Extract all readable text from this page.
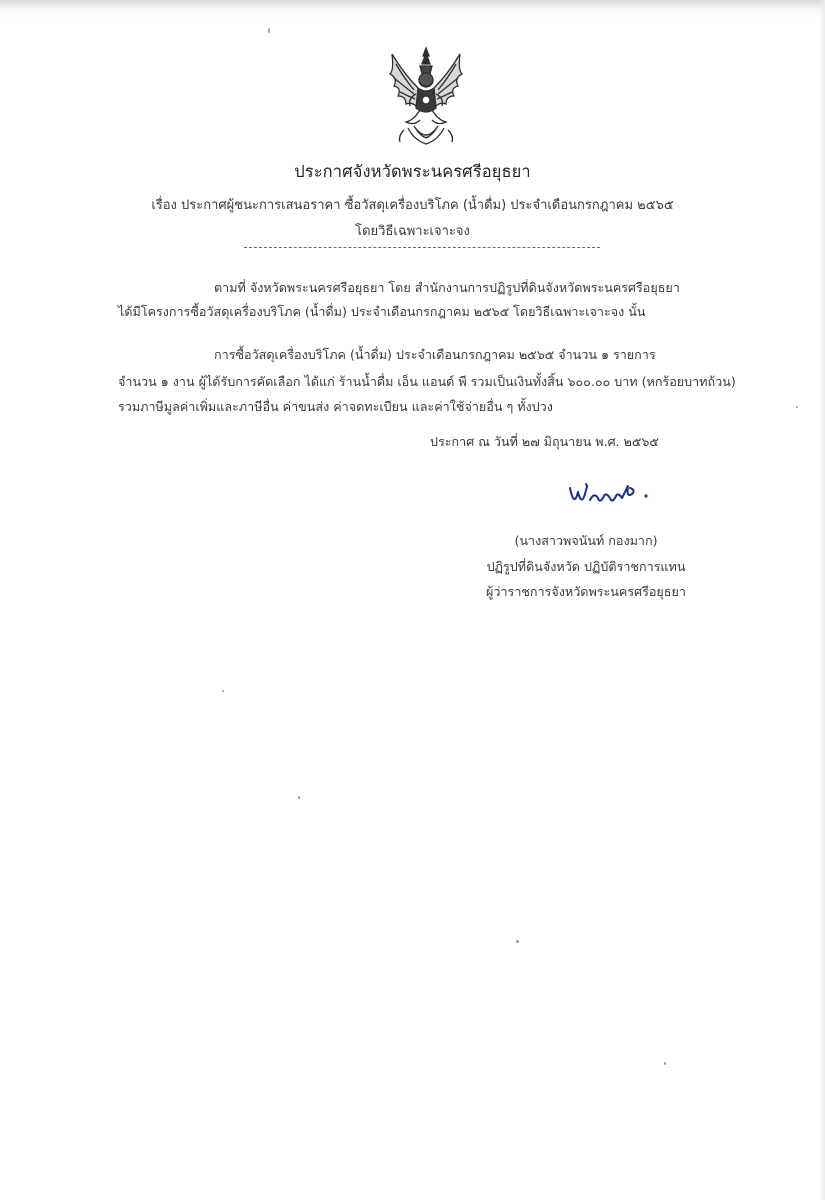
ประกาศจังหวัดพระนครศรีอยุธยา
เรื่อง ประกาศผู้ชนะการเสนอราคา ซื้อวัสดุเครื่องบริโภค (น้ำดื่ม) ประจำเดือนกรกฎาคม ๒๕๖๕
โดยวิธีเฉพาะเจาะจง
ตามที่ จังหวัดพระนครศรีอยุธยา โดย สำนักงานการปฏิรูปที่ดินจังหวัดพระนครศรีอยุธยา
ได้มีโครงการซื้อวัสดุเครื่องบริโภค (น้ำดื่ม) ประจำเดือนกรกฎาคม ๒๕๖๕ โดยวิธีเฉพาะเจาะจง นั้น
การซื้อวัสดุเครื่องบริโภค (น้ำดื่ม) ประจำเดือนกรกฎาคม ๒๕๖๕ จำนวน ๑ รายการ
จำนวน ๑ งาน ผู้ได้รับการคัดเลือก ได้แก่ ร้านน้ำดื่ม เอ็น แอนด์ พี รวมเป็นเงินทั้งสิ้น ๖๐๐.๐๐ บาท (หกร้อยบาทถ้วน)
รวมภาษีมูลค่าเพิ่มและภาษีอื่น ค่าขนส่ง ค่าจดทะเบียน และค่าใช้จ่ายอื่น ๆ ทั้งปวง
ประกาศ ณ วันที่ ๒๗ มิถุนายน พ.ศ. ๒๕๖๕
(นางสาวพจนันท์ กองมาก)
ปฏิรูปที่ดินจังหวัด ปฏิบัติราชการแทน
ผู้ว่าราชการจังหวัดพระนครศรีอยุธยา
